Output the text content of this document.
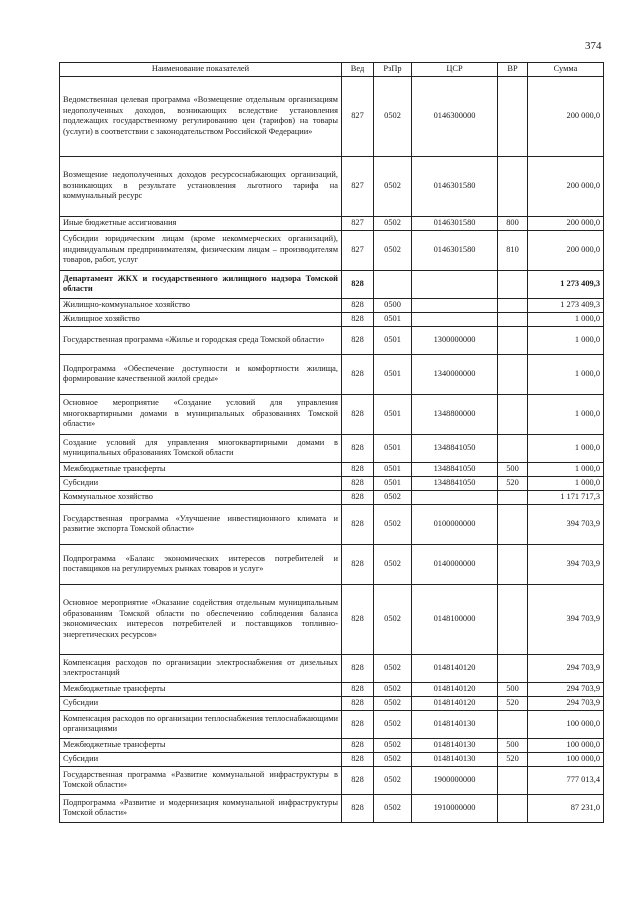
374
Наименование показателей	Вед	РзПр	ЦСР	ВР	Сумма
Ведомственная целевая программа «Возмещение отдельным организациям недополученных доходов, возникающих вследствие установления подлежащих государственному регулированию цен (тарифов) на товары (услуги) в соответствии с законодательством Российской Федерации»	827	0502	0146300000		200 000,0
Возмещение недополученных доходов ресурсоснабжающих организаций, возникающих в результате установления льготного тарифа на коммунальный ресурс	827	0502	0146301580		200 000,0
Иные бюджетные ассигнования	827	0502	0146301580	800	200 000,0
Субсидии юридическим лицам (кроме некоммерческих организаций), индивидуальным предпринимателям, физическим лицам – производителям товаров, работ, услуг	827	0502	0146301580	810	200 000,0
Департамент ЖКХ и государственного жилищного надзора Томской области	828				1 273 409,3
Жилищно-коммунальное хозяйство	828	0500			1 273 409,3
Жилищное хозяйство	828	0501			1 000,0
Государственная программа «Жилье и городская среда Томской области»	828	0501	1300000000		1 000,0
Подпрограмма «Обеспечение доступности и комфортности жилища, формирование качественной жилой среды»	828	0501	1340000000		1 000,0
Основное мероприятие «Создание условий для управления многоквартирными домами в муниципальных образованиях Томской области»	828	0501	1348800000		1 000,0
Создание условий для управления многоквартирными домами в муниципальных образованиях Томской области	828	0501	1348841050		1 000,0
Межбюджетные трансферты	828	0501	1348841050	500	1 000,0
Субсидии	828	0501	1348841050	520	1 000,0
Коммунальное хозяйство	828	0502			1 171 717,3
Государственная программа «Улучшение инвестиционного климата и развитие экспорта Томской области»	828	0502	0100000000		394 703,9
Подпрограмма «Баланс экономических интересов потребителей и поставщиков на регулируемых рынках товаров и услуг»	828	0502	0140000000		394 703,9
Основное мероприятие «Оказание содействия отдельным муниципальным образованиям Томской области по обеспечению соблюдения баланса экономических интересов потребителей и поставщиков топливно-энергетических ресурсов»	828	0502	0148100000		394 703,9
Компенсация расходов по организации электроснабжения от дизельных электростанций	828	0502	0148140120		294 703,9
Межбюджетные трансферты	828	0502	0148140120	500	294 703,9
Субсидии	828	0502	0148140120	520	294 703,9
Компенсация расходов по организации теплоснабжения теплоснабжающими организациями	828	0502	0148140130		100 000,0
Межбюджетные трансферты	828	0502	0148140130	500	100 000,0
Субсидии	828	0502	0148140130	520	100 000,0
Государственная программа «Развитие коммунальной инфраструктуры в Томской области»	828	0502	1900000000		777 013,4
Подпрограмма «Развитие и модернизация коммунальной инфраструктуры Томской области»	828	0502	1910000000		87 231,0
